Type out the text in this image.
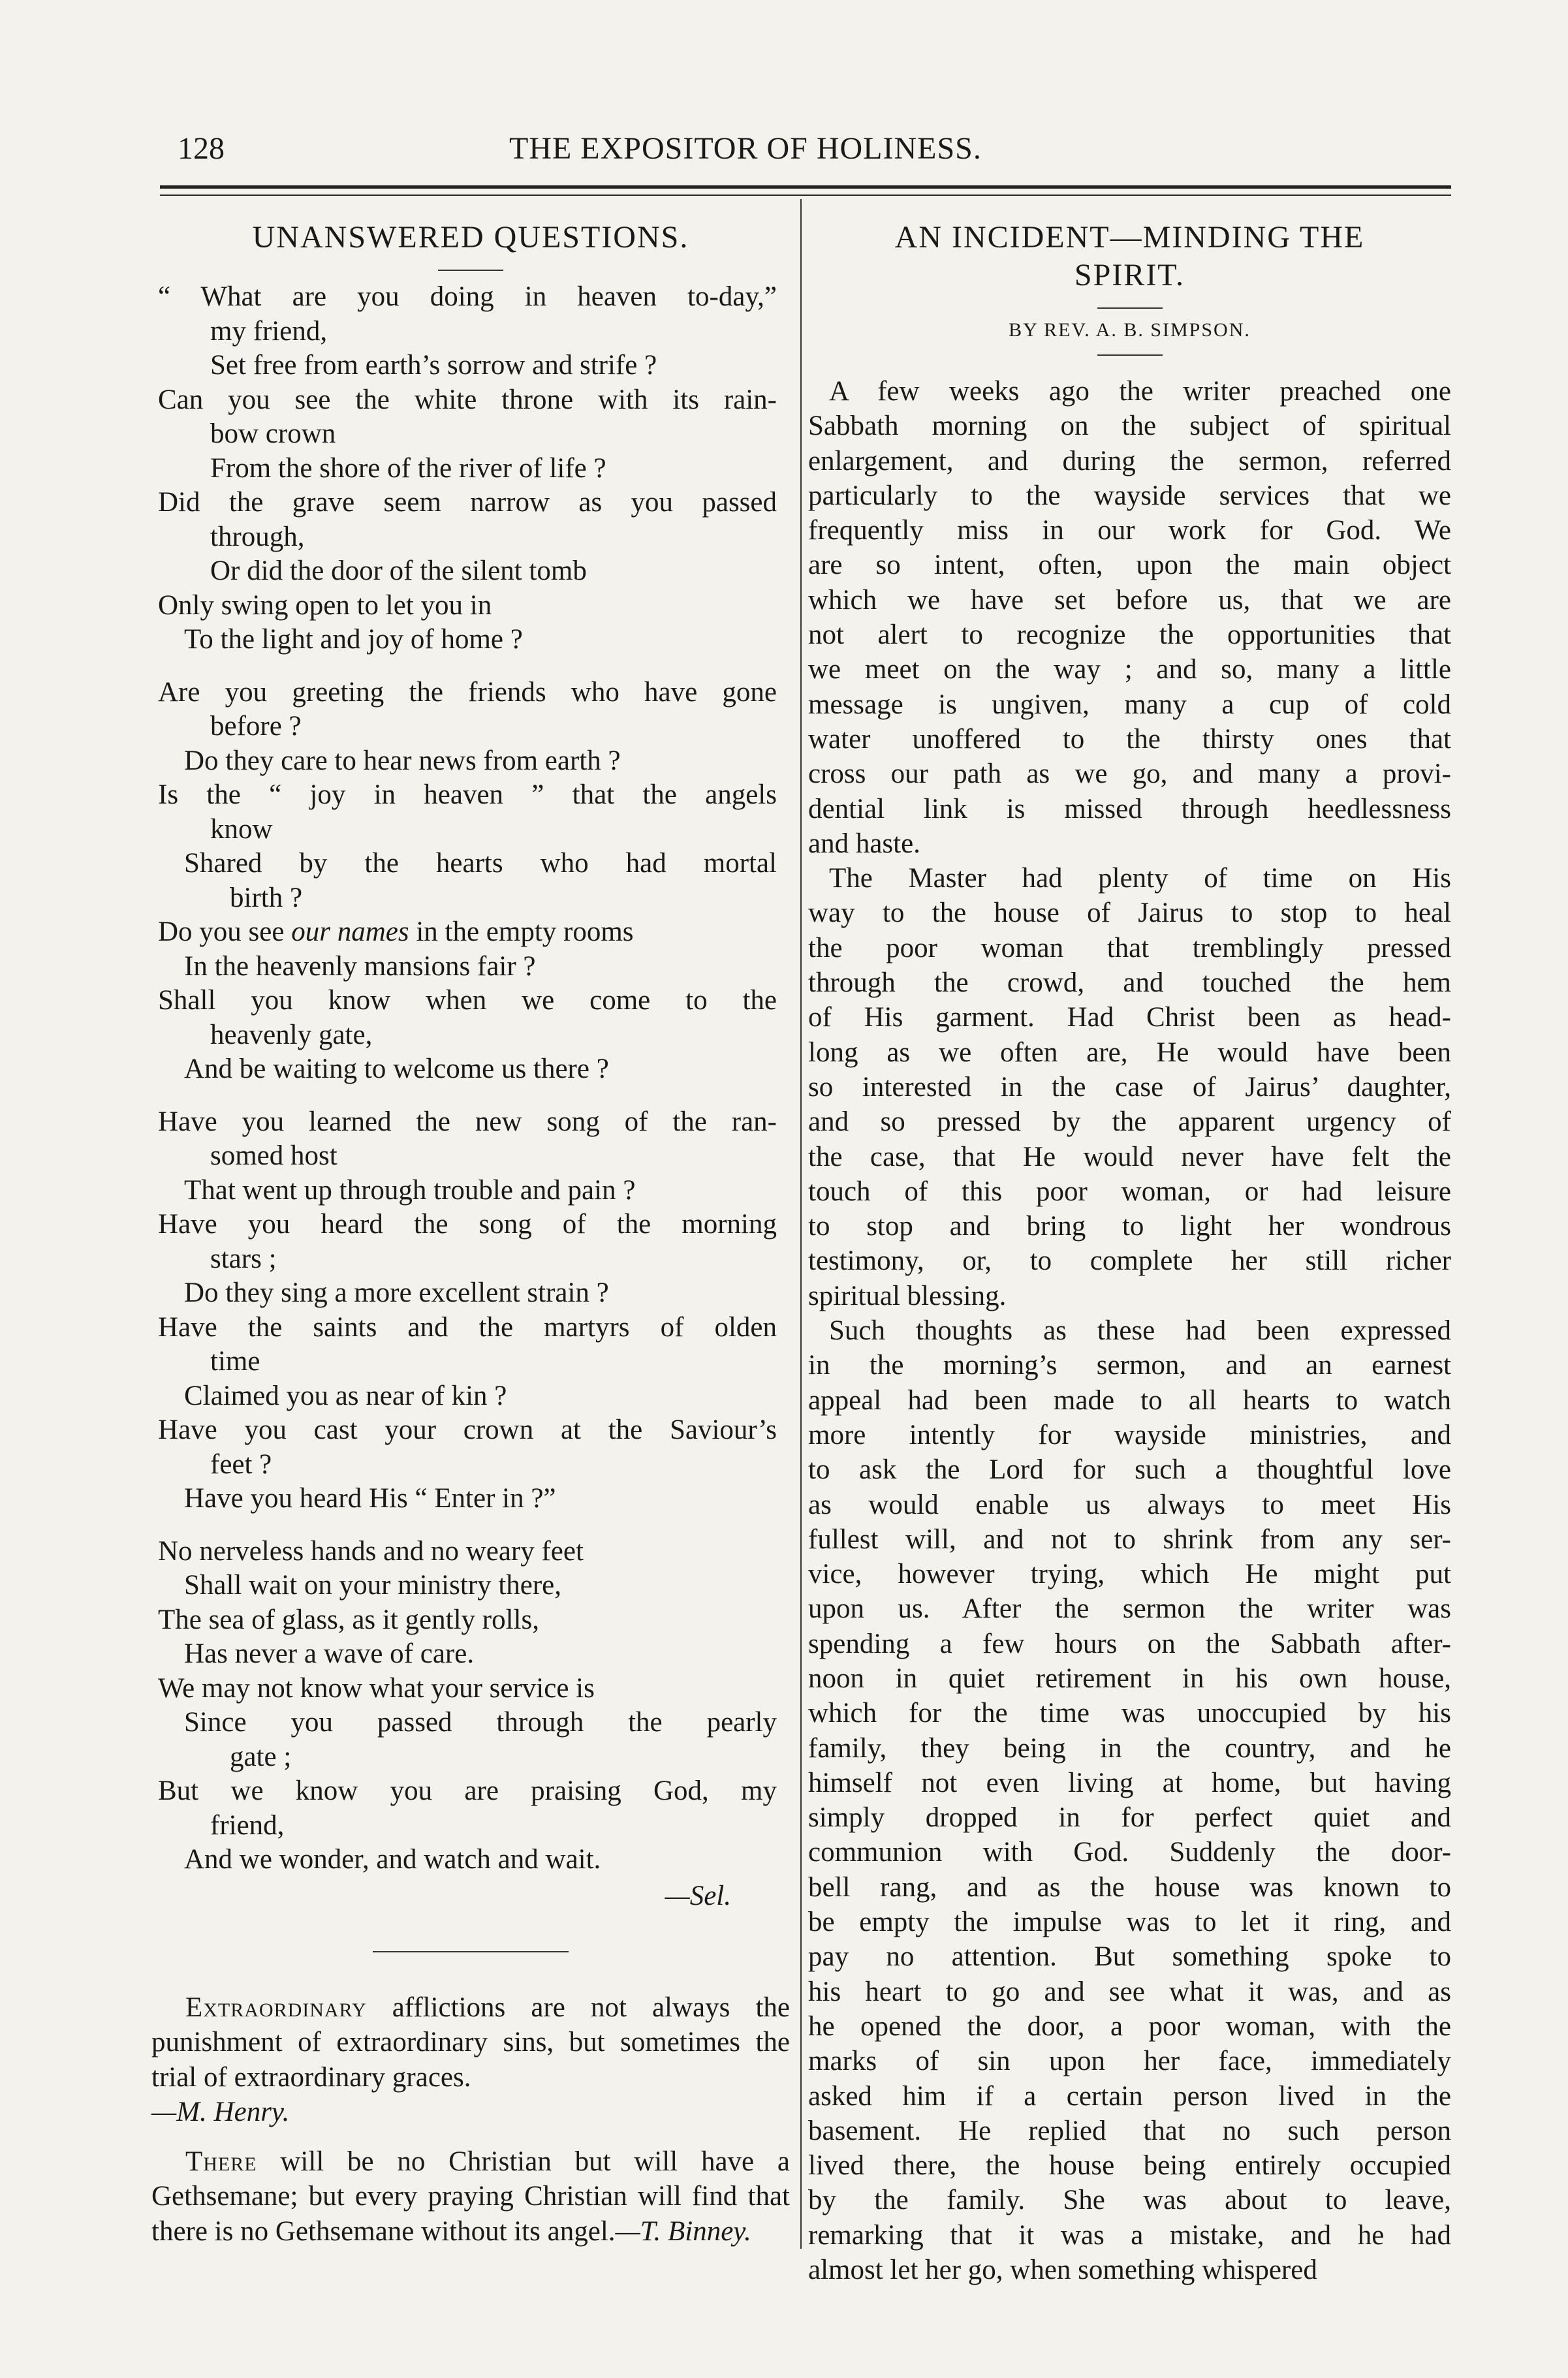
128	THE EXPOSITOR OF HOLINESS.
UNANSWERED QUESTIONS.
“ What are you doing in heaven to-day,”
my friend,
Set free from earth’s sorrow and strife ?
Can you see the white throne with its rain-
bow crown
From the shore of the river of life ?
Did the grave seem narrow as you passed
through,
Or did the door of the silent tomb
Only swing open to let you in
To the light and joy of home ?
Are you greeting the friends who have gone
before ?
Do they care to hear news from earth ?
Is the “ joy in heaven ” that the angels
know
Shared by the hearts who had mortal
birth ?
Do you see our names in the empty rooms
In the heavenly mansions fair ?
Shall you know when we come to the
heavenly gate,
And be waiting to welcome us there ?
Have you learned the new song of the ran-
somed host
That went up through trouble and pain ?
Have you heard the song of the morning
stars ;
Do they sing a more excellent strain ?
Have the saints and the martyrs of olden
time
Claimed you as near of kin ?
Have you cast your crown at the Saviour’s
feet ?
Have you heard His “ Enter in ?”
No nerveless hands and no weary feet
Shall wait on your ministry there,
The sea of glass, as it gently rolls,
Has never a wave of care.
We may not know what your service is
Since you passed through the pearly
gate ;
But we know you are praising God, my
friend,
And we wonder, and watch and wait.
—Sel.

Extraordinary afflictions are not always the punishment of extraordinary sins, but sometimes the trial of extraordinary graces.
—M. Henry.

There will be no Christian but will have a Gethsemane; but every praying Christian will find that there is no Gethsemane without its angel.—T. Binney.

AN INCIDENT—MINDING THE
SPIRIT.
BY REV. A. B. SIMPSON.
A few weeks ago the writer preached one
Sabbath morning on the subject of spiritual
enlargement, and during the sermon, referred
particularly to the wayside services that we
frequently miss in our work for God. We
are so intent, often, upon the main object
which we have set before us, that we are
not alert to recognize the opportunities that
we meet on the way ; and so, many a little
message is ungiven, many a cup of cold
water unoffered to the thirsty ones that
cross our path as we go, and many a provi-
dential link is missed through heedlessness
and haste.
The Master had plenty of time on His
way to the house of Jairus to stop to heal
the poor woman that tremblingly pressed
through the crowd, and touched the hem
of His garment. Had Christ been as head-
long as we often are, He would have been
so interested in the case of Jairus’ daughter,
and so pressed by the apparent urgency of
the case, that He would never have felt the
touch of this poor woman, or had leisure
to stop and bring to light her wondrous
testimony, or, to complete her still richer
spiritual blessing.
Such thoughts as these had been expressed
in the morning’s sermon, and an earnest
appeal had been made to all hearts to watch
more intently for wayside ministries, and
to ask the Lord for such a thoughtful love
as would enable us always to meet His
fullest will, and not to shrink from any ser-
vice, however trying, which He might put
upon us. After the sermon the writer was
spending a few hours on the Sabbath after-
noon in quiet retirement in his own house,
which for the time was unoccupied by his
family, they being in the country, and he
himself not even living at home, but having
simply dropped in for perfect quiet and
communion with God. Suddenly the door-
bell rang, and as the house was known to
be empty the impulse was to let it ring, and
pay no attention. But something spoke to
his heart to go and see what it was, and as
he opened the door, a poor woman, with the
marks of sin upon her face, immediately
asked him if a certain person lived in the
basement. He replied that no such person
lived there, the house being entirely occupied
by the family. She was about to leave,
remarking that it was a mistake, and he had
almost let her go, when something whispered
